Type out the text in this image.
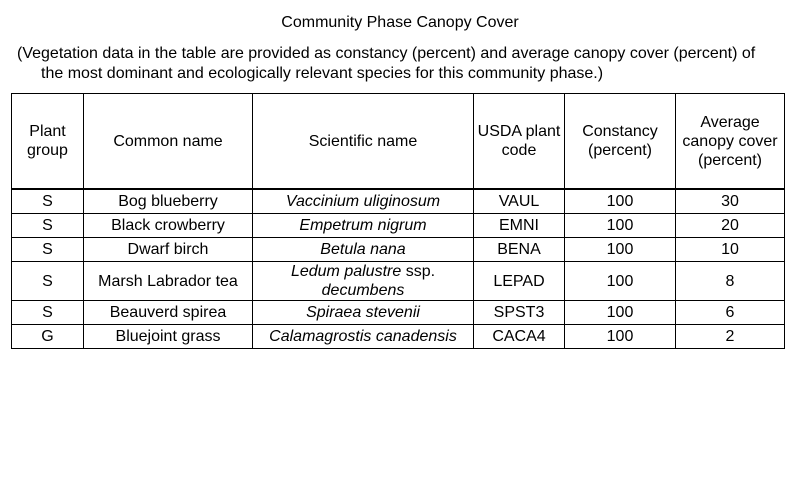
Community Phase Canopy Cover
(Vegetation data in the table are provided as constancy (percent) and average canopy cover (percent) of
the most dominant and ecologically relevant species for this community phase.)
Plant group	Common name	Scientific name	USDA plant code	Constancy (percent)	Average canopy cover (percent)
S	Bog blueberry	Vaccinium uliginosum	VAUL	100	30
S	Black crowberry	Empetrum nigrum	EMNI	100	20
S	Dwarf birch	Betula nana	BENA	100	10
S	Marsh Labrador tea	Ledum palustre ssp.
decumbens	LEPAD	100	8
S	Beauverd spirea	Spiraea stevenii	SPST3	100	6
G	Bluejoint grass	Calamagrostis canadensis	CACA4	100	2
